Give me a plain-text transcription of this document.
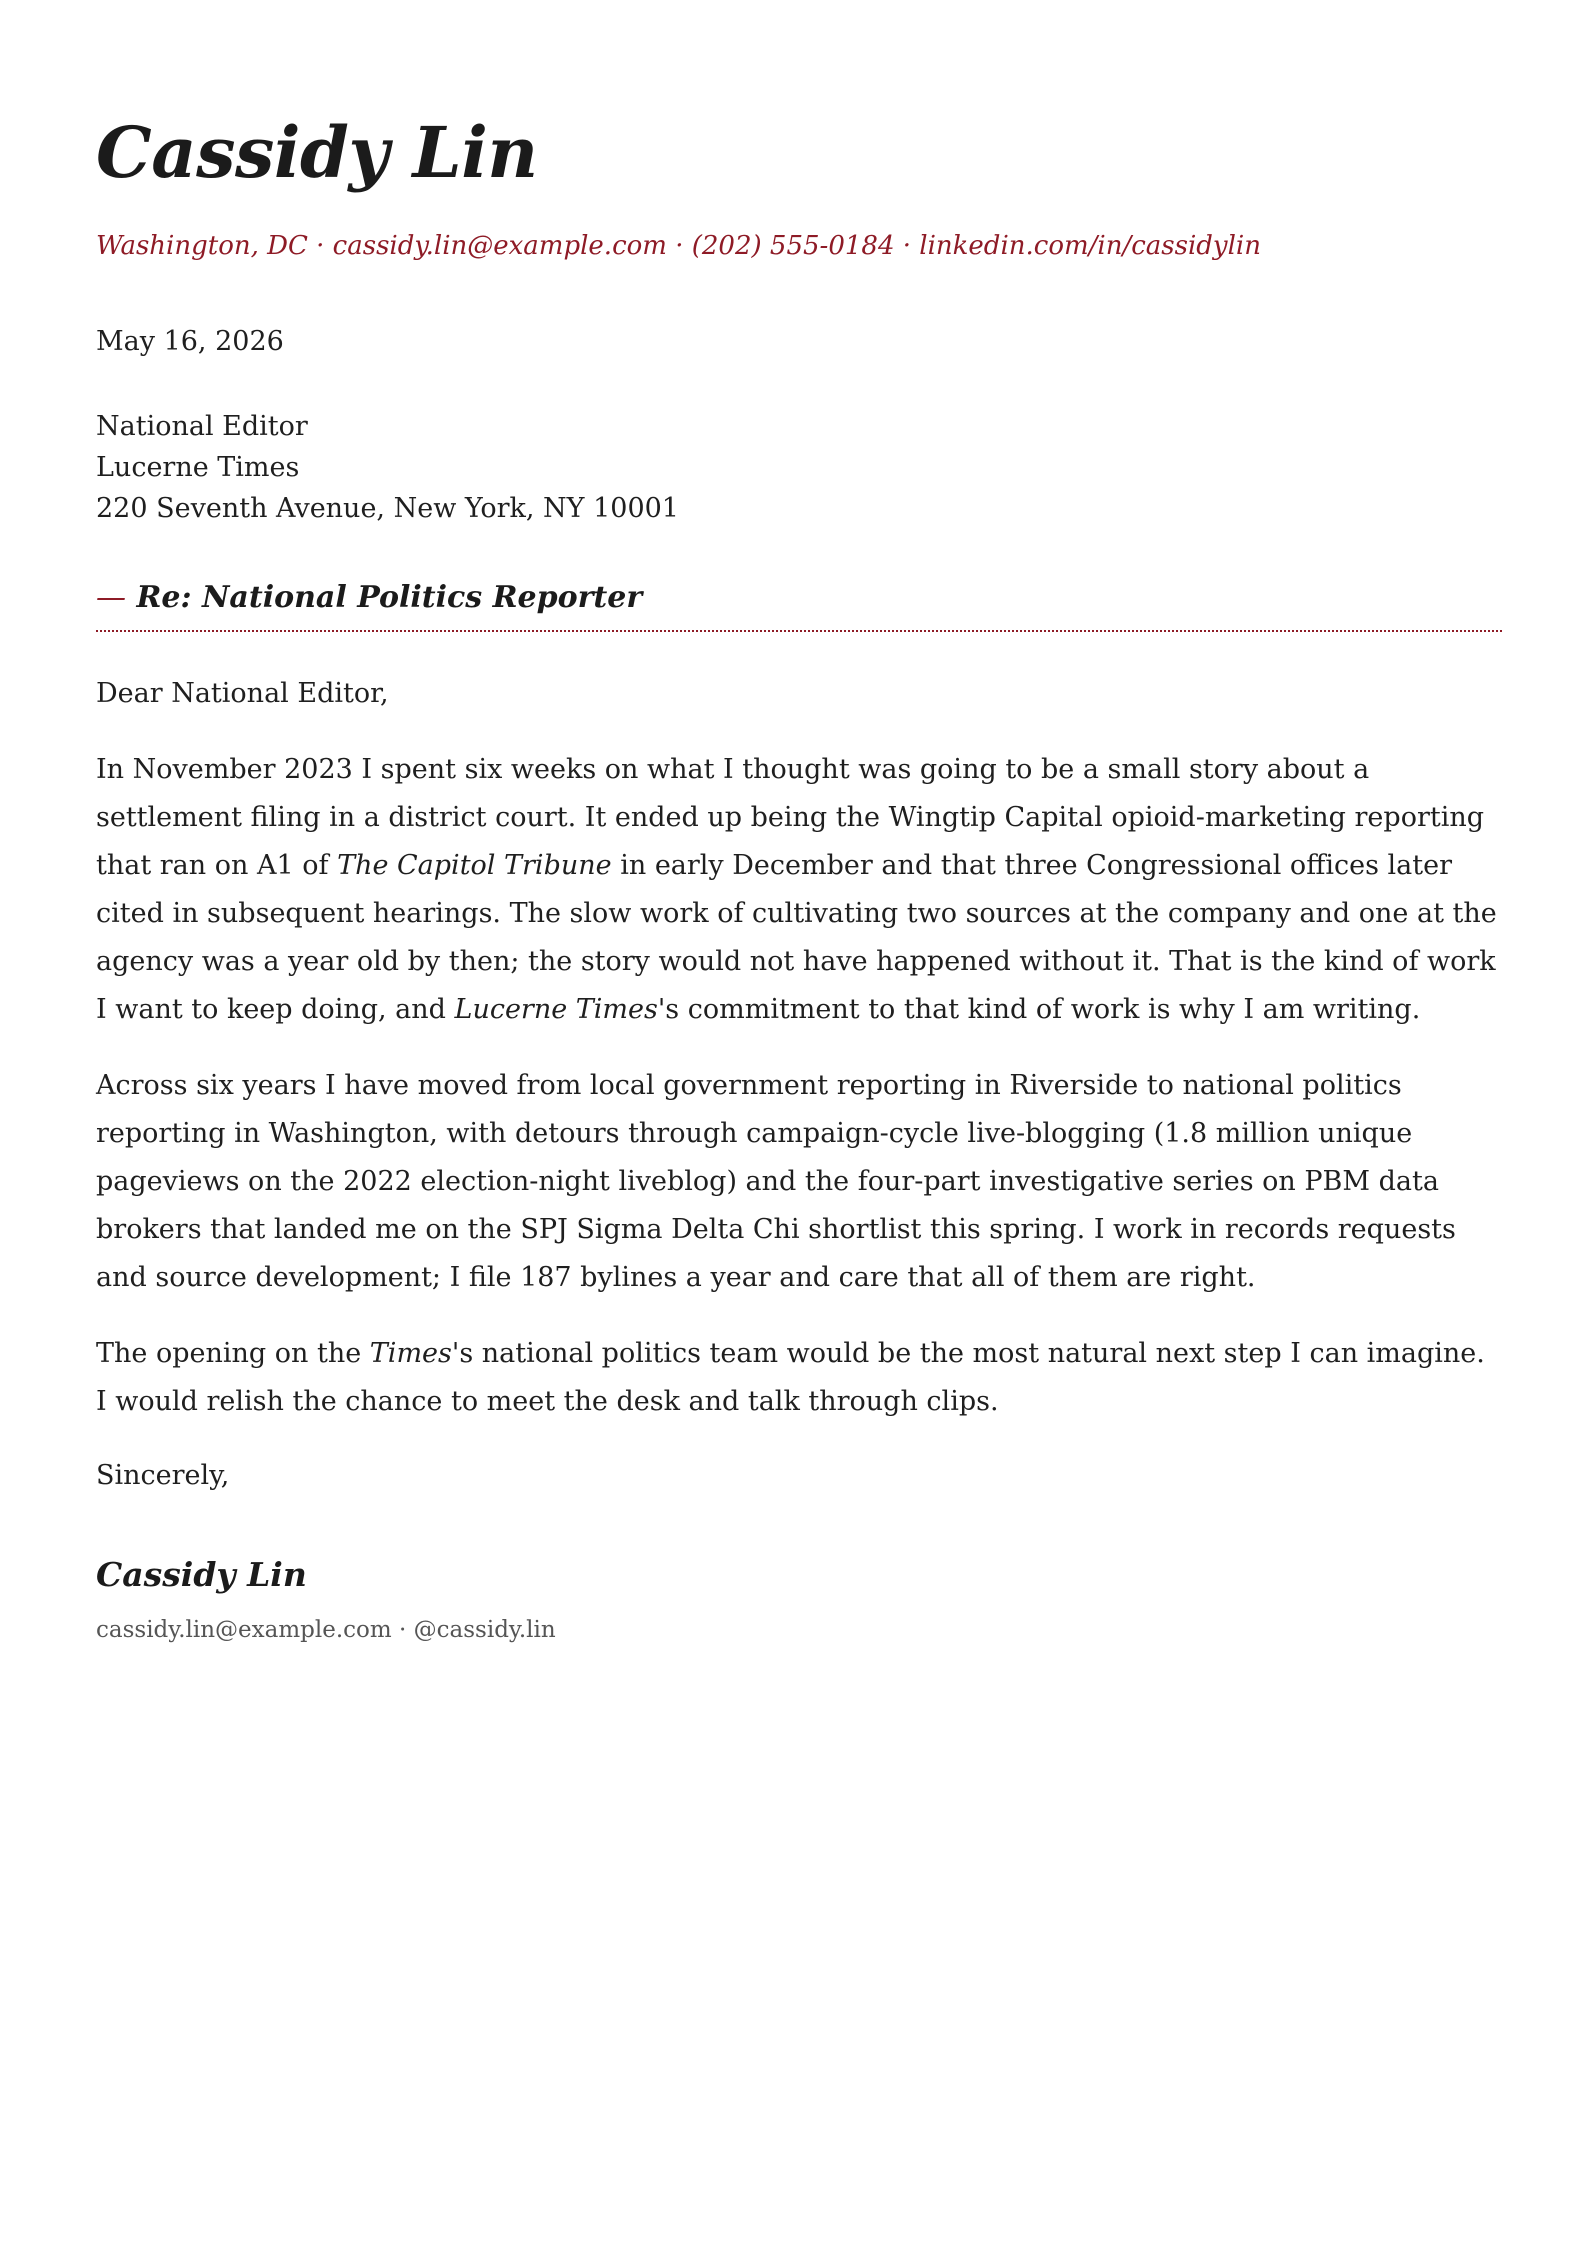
Cassidy Lin
Washington, DC · cassidy.lin@example.com · (202) 555-0184 · linkedin.com/in/cassidylin
May 16, 2026
National Editor
Lucerne Times
220 Seventh Avenue, New York, NY 10001
— Re: National Politics Reporter
Dear National Editor,

In November 2023 I spent six weeks on what I thought was going to be a small story about a settlement filing in a district court. It ended up being the Wingtip Capital opioid-marketing reporting that ran on A1 of The Capitol Tribune in early December and that three Congressional offices later cited in subsequent hearings. The slow work of cultivating two sources at the company and one at the agency was a year old by then; the story would not have happened without it. That is the kind of work I want to keep doing, and Lucerne Times's commitment to that kind of work is why I am writing.

Across six years I have moved from local government reporting in Riverside to national politics reporting in Washington, with detours through campaign-cycle live-blogging (1.8 million unique pageviews on the 2022 election-night liveblog) and the four-part investigative series on PBM data brokers that landed me on the SPJ Sigma Delta Chi shortlist this spring. I work in records requests and source development; I file 187 bylines a year and care that all of them are right.

The opening on the Times's national politics team would be the most natural next step I can imagine. I would relish the chance to meet the desk and talk through clips.

Sincerely,
Cassidy Lin
cassidy.lin@example.com · @cassidy.lin
